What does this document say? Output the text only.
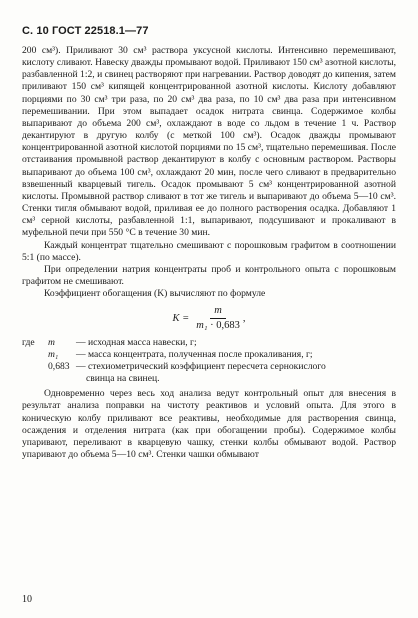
С. 10 ГОСТ 22518.1—77

200 см³). Приливают 30 см³ раствора уксусной кислоты. Интенсивно перемешивают, кислоту сливают. Навеску дважды промывают водой. Приливают 150 см³ азотной кислоты, разбавленной 1:2, и свинец растворяют при нагревании. Раствор доводят до кипения, затем приливают 150 см³ кипящей концентрированной азотной кислоты. Кислоту добавляют порциями по 30 см³ три раза, по 20 см³ два раза, по 10 см³ два раза при интенсивном перемешивании. При этом выпадает осадок нитрата свинца. Содержимое колбы выпаривают до объема 200 см³, охлаждают в воде со льдом в течение 1 ч. Раствор декантируют в другую колбу (с меткой 100 см³). Осадок дважды промывают концентрированной азотной кислотой порциями по 15 см³, тщательно перемешивая. После отстаивания промывной раствор декантируют в колбу с основным раствором. Растворы выпаривают до объема 100 см³, охлаждают 20 мин, после чего сливают в предварительно взвешенный кварцевый тигель. Осадок промывают 5 см³ концентрированной азотной кислоты. Промывной раствор сливают в тот же тигель и выпаривают до объема 5—10 см³. Стенки тигля обмывают водой, приливая ее до полного растворения осадка. Добавляют 1 см³ серной кислоты, разбавленной 1:1, выпаривают, подсушивают и прокаливают в муфельной печи при 550 °С в течение 30 мин.

Каждый концентрат тщательно смешивают с порошковым графитом в соотношении 5:1 (по массе).

При определении натрия концентраты проб и контрольного опыта с порошковым графитом не смешивают.

Коэффициент обогащения (K) вычисляют по формуле

$K = \frac{m}{\text{m₁ · 0,683}}$ ,
где	m	— исходная масса навески, г;
m₁	— масса концентрата, полученная после прокаливания, г;
0,683 — стехиометрический коэффициент пересчета сернокислого
свинца на свинец.

Одновременно через весь ход анализа ведут контрольный опыт для внесения в результат анализа поправки на чистоту реактивов и условий опыта. Для этого в коническую колбу приливают все реактивы, необходимые для растворения свинца, осаждения и отделения нитрата (как при обогащении пробы). Содержимое колбы упаривают, переливают в кварцевую чашку, стенки колбы обмывают водой. Раствор упаривают до объема 5—10 см³. Стенки чашки обмывают

10
